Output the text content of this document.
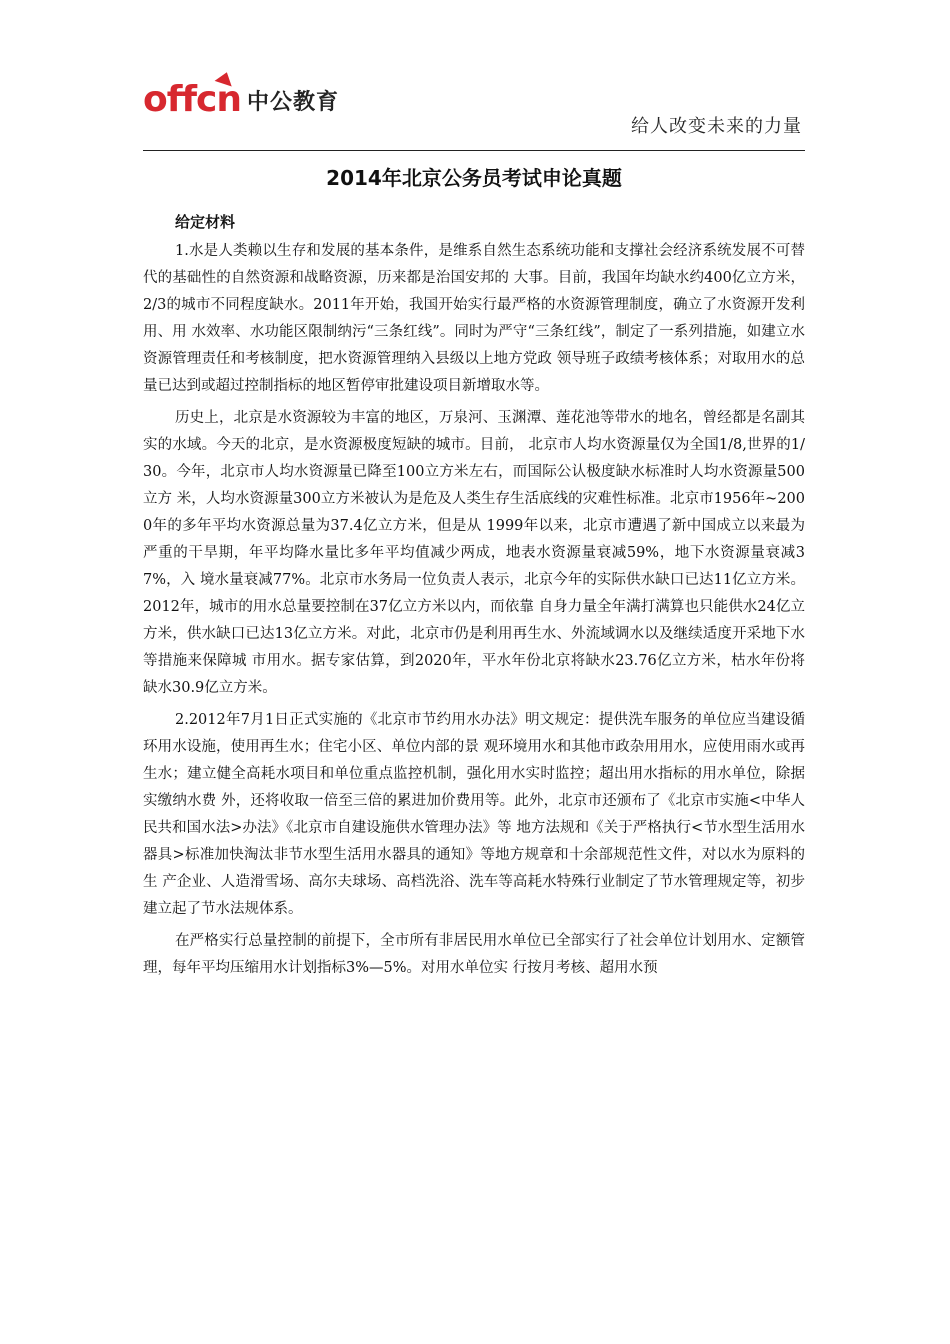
offcn 中公教育
给人改变未来的力量
2014年北京公务员考试申论真题
给定材料

1.水是人类赖以生存和发展的基本条件，是维系自然生态系统功能和支撑社会经济系统发展不可替代的基础性的自然资源和战略资源，历来都是治国安邦的 大事。目前，我国年均缺水约400亿立方米，2/3的城市不同程度缺水。2011年开始，我国开始实行最严格的水资源管理制度，确立了水资源开发利用、用 水效率、水功能区限制纳污“三条红线”。同时为严守“三条红线”，制定了一系列措施，如建立水资源管理责任和考核制度，把水资源管理纳入县级以上地方党政 领导班子政绩考核体系；对取用水的总量已达到或超过控制指标的地区暂停审批建设项目新增取水等。

历史上，北京是水资源较为丰富的地区，万泉河、玉渊潭、莲花池等带水的地名，曾经都是名副其实的水域。今天的北京，是水资源极度短缺的城市。目前， 北京市人均水资源量仅为全国1/8,世界的1/30。今年，北京市人均水资源量已降至100立方米左右，而国际公认极度缺水标准时人均水资源量500立方 米，人均水资源量300立方米被认为是危及人类生存生活底线的灾难性标准。北京市1956年~2000年的多年平均水资源总量为37.4亿立方米，但是从 1999年以来，北京市遭遇了新中国成立以来最为严重的干旱期，年平均降水量比多年平均值减少两成，地表水资源量衰减59%，地下水资源量衰减37%，入 境水量衰减77%。北京市水务局一位负责人表示，北京今年的实际供水缺口已达11亿立方米。2012年，城市的用水总量要控制在37亿立方米以内，而依靠 自身力量全年满打满算也只能供水24亿立方米，供水缺口已达13亿立方米。对此，北京市仍是利用再生水、外流域调水以及继续适度开采地下水等措施来保障城 市用水。据专家估算，到2020年，平水年份北京将缺水23.76亿立方米，枯水年份将缺水30.9亿立方米。

2.2012年7月1日正式实施的《北京市节约用水办法》明文规定：提供洗车服务的单位应当建设循环用水设施，使用再生水；住宅小区、单位内部的景 观环境用水和其他市政杂用用水，应使用雨水或再生水；建立健全高耗水项目和单位重点监控机制，强化用水实时监控；超出用水指标的用水单位，除据实缴纳水费 外，还将收取一倍至三倍的累进加价费用等。此外，北京市还颁布了《北京市实施<中华人民共和国水法>办法》《北京市自建设施供水管理办法》等 地方法规和《关于严格执行<节水型生活用水器具>标准加快淘汰非节水型生活用水器具的通知》等地方规章和十余部规范性文件，对以水为原料的生 产企业、人造滑雪场、高尔夫球场、高档洗浴、洗车等高耗水特殊行业制定了节水管理规定等，初步建立起了节水法规体系。

在严格实行总量控制的前提下，全市所有非居民用水单位已全部实行了社会单位计划用水、定额管理，每年平均压缩用水计划指标3%—5%。对用水单位实 行按月考核、超用水预
